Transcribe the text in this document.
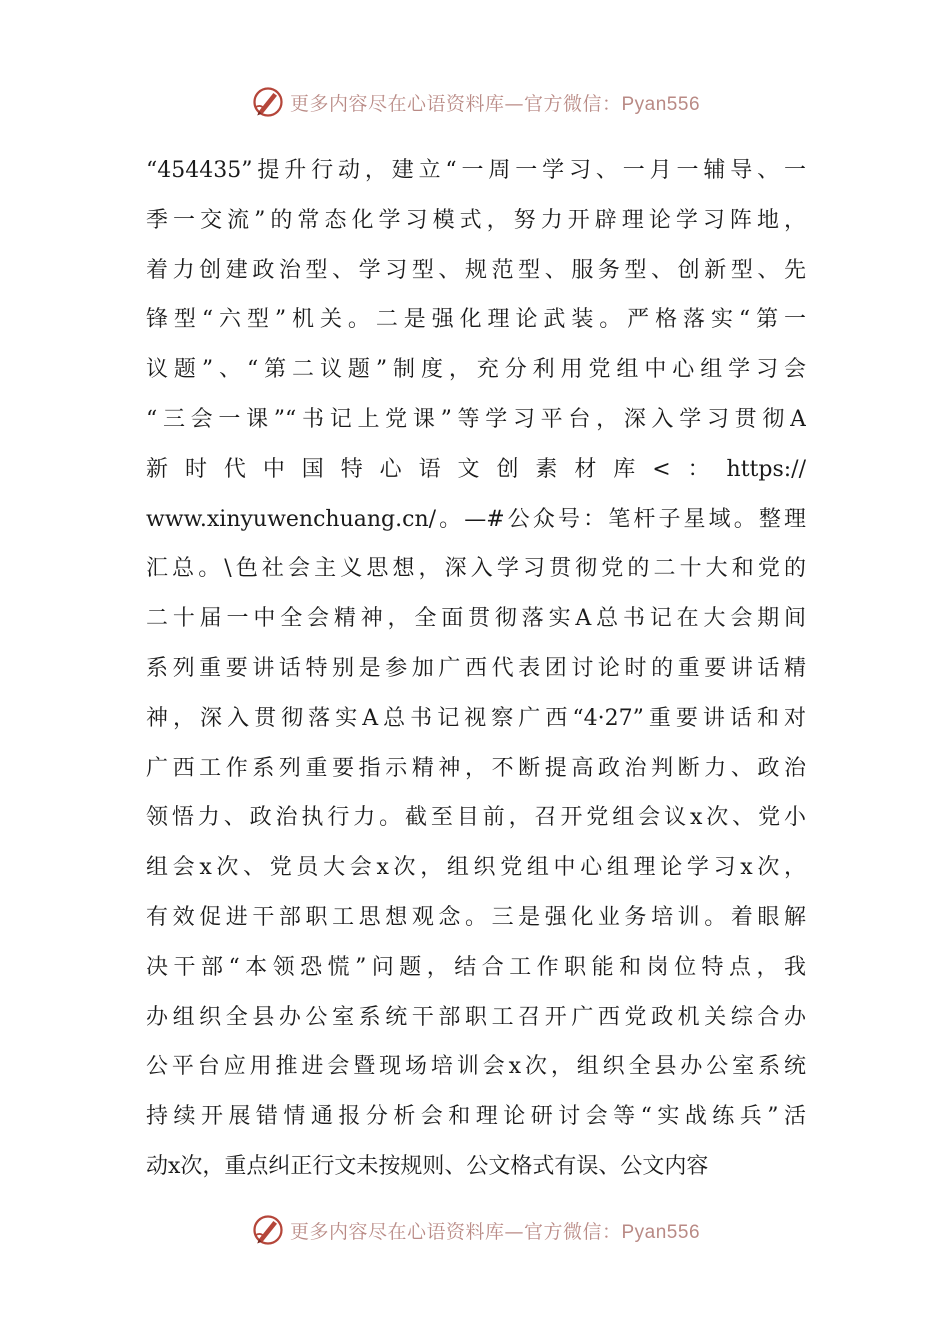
更多内容尽在心语资料库—官方微信：Pyan556
“454435”提升行动，建立“一周一学习、一月一辅导、一
季一交流”的常态化学习模式，努力开辟理论学习阵地，
着力创建政治型、学习型、规范型、服务型、创新型、先
锋型“六型”机关。二是强化理论武装。严格落实“第一
议题”、“第二议题”制度，充分利用党组中心组学习会
“三会一课”“书记上党课”等学习平台，深入学习贯彻A
新时代中国特心语文创素材库<：https://
www.xinyuwenchuang.cn/。—#公众号：笔杆子星域。整理
汇总。\色社会主义思想，深入学习贯彻党的二十大和党的
二十届一中全会精神，全面贯彻落实A总书记在大会期间
系列重要讲话特别是参加广西代表团讨论时的重要讲话精
神，深入贯彻落实A总书记视察广西“4·27”重要讲话和对
广西工作系列重要指示精神，不断提高政治判断力、政治
领悟力、政治执行力。截至目前，召开党组会议x次、党小
组会x次、党员大会x次，组织党组中心组理论学习x次，
有效促进干部职工思想观念。三是强化业务培训。着眼解
决干部“本领恐慌”问题，结合工作职能和岗位特点，我
办组织全县办公室系统干部职工召开广西党政机关综合办
公平台应用推进会暨现场培训会x次，组织全县办公室系统
持续开展错情通报分析会和理论研讨会等“实战练兵”活
动x次，重点纠正行文未按规则、公文格式有误、公文内容
更多内容尽在心语资料库—官方微信：Pyan556
